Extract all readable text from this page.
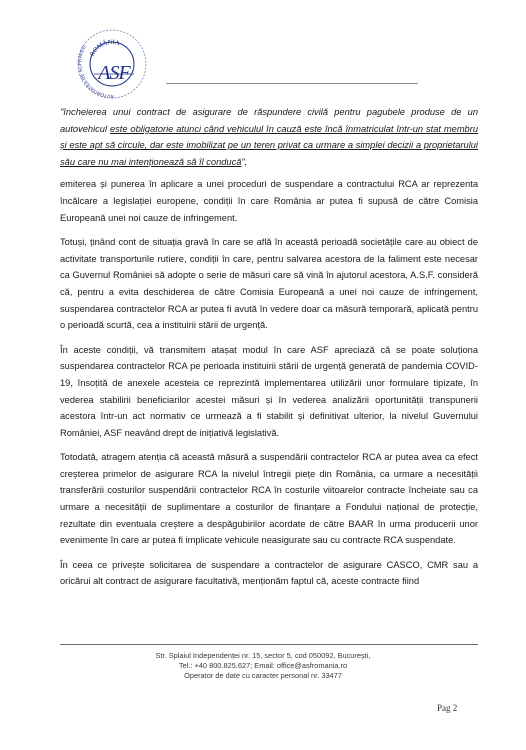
ROMÂNIA
AUTORITATEA DE SUPRAVEG
ASF

"încheierea unui contract de asigurare de răspundere civilă pentru pagubele produse de un autovehicul este obligatorie atunci când vehiculul în cauză este încă înmatriculat într-un stat membru și este apt să circule, dar este imobilizat pe un teren privat ca urmare a simplei decizii a proprietarului său care nu mai intenționează să îl conducă",

emiterea și punerea în aplicare a unei proceduri de suspendare a contractului RCA ar reprezenta încălcare a legislației europene, condiții în care România ar putea fi supusă de către Comisia Europeană unei noi cauze de infringement.

Totuși, ținând cont de situația gravă în care se află în această perioadă societățile care au obiect de activitate transporturile rutiere, condiții în care, pentru salvarea acestora de la faliment este necesar ca Guvernul României să adopte o serie de măsuri care să vină în ajutorul acestora, A.S.F. consideră că, pentru a evita deschiderea de către Comisia Europeană a unei noi cauze de infringement, suspendarea contractelor RCA ar putea fi avută în vedere doar ca măsură temporară, aplicată pentru o perioadă scurtă, cea a instituirii stării de urgență.

În aceste condiții, vă transmitem atașat modul în care ASF apreciază că se poate soluționa suspendarea contractelor RCA pe perioada instituirii stării de urgență generată de pandemia COVID-19, însoțită de anexele acesteia ce reprezintă implementarea utilizării unor formulare tipizate, în vederea stabilirii beneficiarilor acestei măsuri și în vederea analizării oportunității transpunerii acestora într-un act normativ ce urmează a fi stabilit și definitivat ulterior, la nivelul Guvernului României, ASF neavând drept de inițiativă legislativă.

Totodată, atragem atenția că această măsură a suspendării contractelor RCA ar putea avea ca efect creșterea primelor de asigurare RCA la nivelul întregii piețe din România, ca urmare a necesității transferării costurilor suspendării contractelor RCA în costurile viitoarelor contracte încheiate sau ca urmare a necesității de suplimentare a costurilor de finanțare a Fondului național de protecție, rezultate din eventuala creștere a despăgubirilor acordate de către BAAR în urma producerii unor evenimente în care ar putea fi implicate vehicule neasigurate sau cu contracte RCA suspendate.

În ceea ce privește solicitarea de suspendare a contractelor de asigurare CASCO, CMR sau a oricărui alt contract de asigurare facultativă, menționăm faptul că, aceste contracte fiind

Str. Splaiul Independenței nr. 15, sector 5, cod 050092, București,
Tel.: +40 800.825.627; Email: office@asfromania.ro
Operator de date cu caracter personal nr. 33477
Pag 2
